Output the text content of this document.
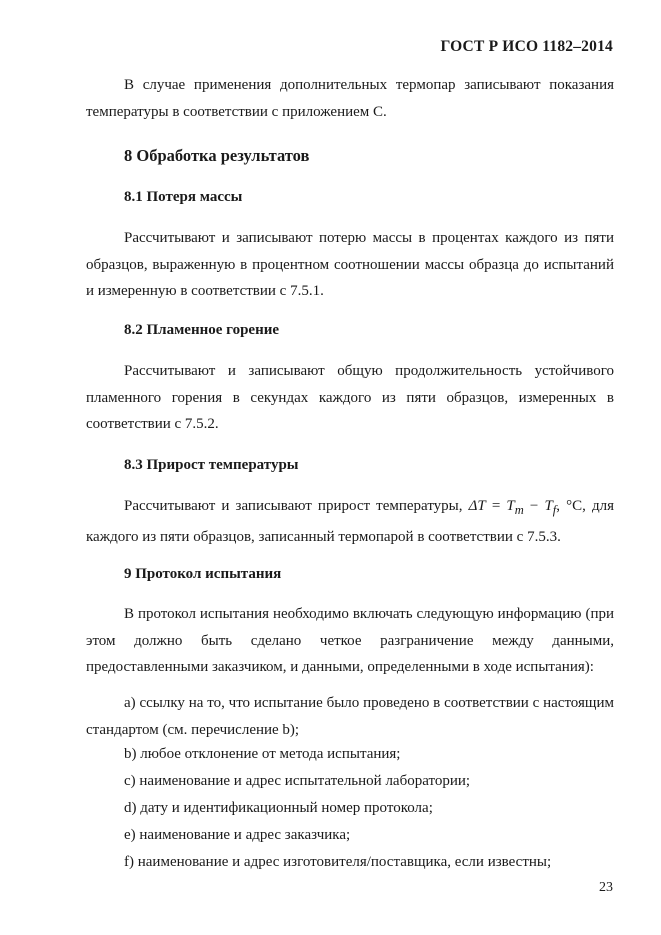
ГОСТ Р ИСО 1182–2014
В случае применения дополнительных термопар записывают показания температуры в соответствии с приложением С.
8 Обработка результатов
8.1 Потеря массы
Рассчитывают и записывают потерю массы в процентах каждого из пяти образцов, выраженную в процентном соотношении массы образца до испытаний и измеренную в соответствии с 7.5.1.
8.2 Пламенное горение
Рассчитывают и записывают общую продолжительность устойчивого пламенного горения в секундах каждого из пяти образцов, измеренных в соответствии с 7.5.2.
8.3 Прирост температуры
Рассчитывают и записывают прирост температуры, $\Delta T = T_m - T_f$, °С, для каждого из пяти образцов, записанный термопарой в соответствии с 7.5.3.
9 Протокол испытания
В протокол испытания необходимо включать следующую информацию (при этом должно быть сделано четкое разграничение между данными, предоставленными заказчиком, и данными, определенными в ходе испытания):
а) ссылку на то, что испытание было проведено в соответствии с настоящим стандартом (см. перечисление b);
b) любое отклонение от метода испытания;
с) наименование и адрес испытательной лаборатории;
d) дату и идентификационный номер протокола;
е) наименование и адрес заказчика;
f) наименование и адрес изготовителя/поставщика, если известны;
23
